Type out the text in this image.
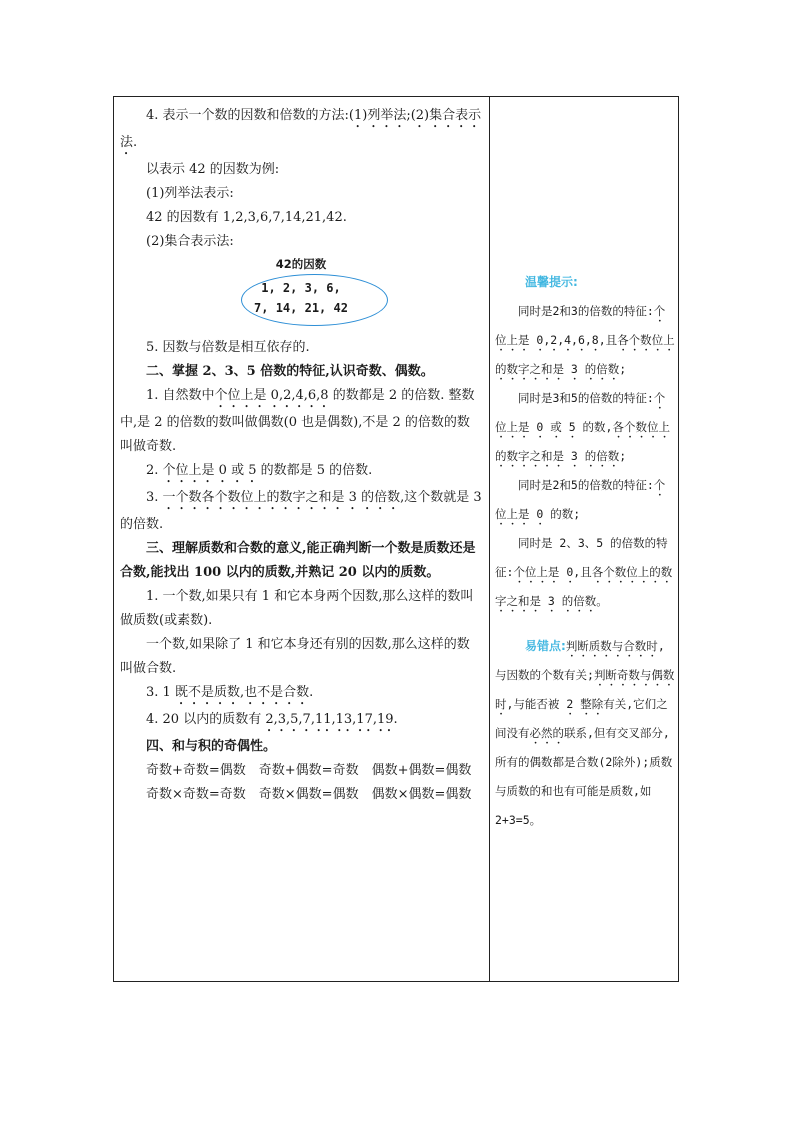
4. 表示一个数的因数和倍数的方法:(1)列举法;(2)集合表示法.

以表示 42 的因数为例:

(1)列举法表示:

42 的因数有 1,2,3,6,7,14,21,42.

(2)集合表示法:

42的因数
1, 2, 3, 6,
7, 14, 21, 42

5. 因数与倍数是相互依存的.

二、掌握 2、3、5 倍数的特征,认识奇数、偶数。

1. 自然数中个位上是 0,2,4,6,8 的数都是 2 的倍数. 整数中,是 2 的倍数的数叫做偶数(0 也是偶数),不是 2 的倍数的数叫做奇数.

2. 个位上是 0 或 5 的数都是 5 的倍数.

3. 一个数各个数位上的数字之和是 3 的倍数,这个数就是 3 的倍数.

三、理解质数和合数的意义,能正确判断一个数是质数还是合数,能找出 100 以内的质数,并熟记 20 以内的质数。

1. 一个数,如果只有 1 和它本身两个因数,那么这样的数叫做质数(或素数).

一个数,如果除了 1 和它本身还有别的因数,那么这样的数叫做合数.

3. 1 既不是质数,也不是合数.

4. 20 以内的质数有 2,3,5,7,11,13,17,19.

四、和与积的奇偶性。

奇数+奇数=偶数　奇数+偶数=奇数　偶数+偶数=偶数

奇数×奇数=奇数　奇数×偶数=偶数　偶数×偶数=偶数

温馨提示:

同时是2和3的倍数的特征:个位上是 0,2,4,6,8,且各个数位上的数字之和是 3 的倍数;

同时是3和5的倍数的特征:个位上是 0 或 5 的数,各个数位上的数字之和是 3 的倍数;

同时是2和5的倍数的特征:个位上是 0 的数;

同时是 2、3、5 的倍数的特征:个位上是 0,且各个数位上的数字之和是 3 的倍数。

易错点:判断质数与合数时,与因数的个数有关;判断奇数与偶数时,与能否被 2 整除有关,它们之间没有必然的联系,但有交叉部分,所有的偶数都是合数(2除外);质数与质数的和也有可能是质数,如2+3=5。
